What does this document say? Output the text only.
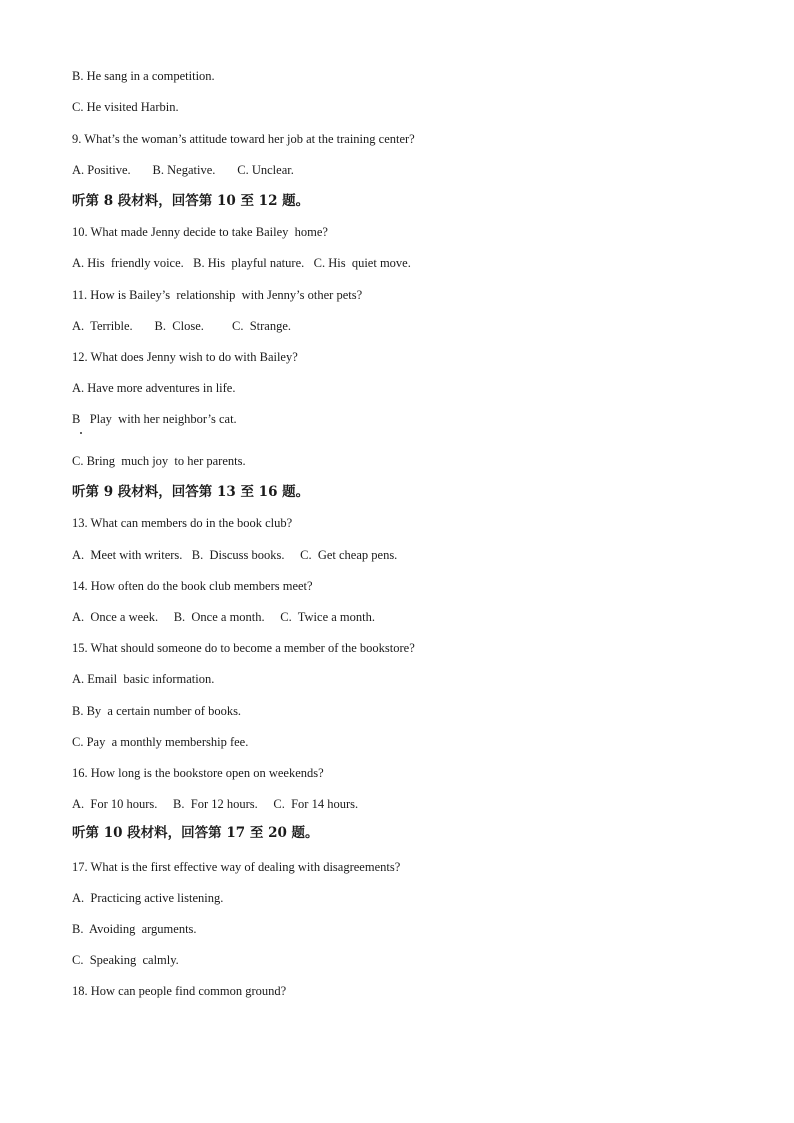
B. He sang in a competition.
C. He visited Harbin.
9. What’s the woman’s attitude toward her job at the training center?
A. Positive.       B. Negative.       C. Unclear.
听第 8 段材料，回答第 10 至 12 题。
10. What made Jenny decide to take Bailey  home?
A. His  friendly voice.   B. His  playful nature.   C. His  quiet move.
11. How is Bailey’s  relationship  with Jenny’s other pets?
A.  Terrible.       B.  Close.         C.  Strange.
12. What does Jenny wish to do with Bailey?
A. Have more adventures in life.
B   Play  with her neighbor’s cat.
C. Bring  much joy  to her parents.
听第 9 段材料，回答第 13 至 16 题。
13. What can members do in the book club?
A.  Meet with writers.   B.  Discuss books.     C.  Get cheap pens.
14. How often do the book club members meet?
A.  Once a week.     B.  Once a month.     C.  Twice a month.
15. What should someone do to become a member of the bookstore?
A. Email  basic information.
B. By  a certain number of books.
C. Pay  a monthly membership fee.
16. How long is the bookstore open on weekends?
A.  For 10 hours.     B.  For 12 hours.     C.  For 14 hours.
听第 10 段材料，回答第 17 至 20 题。
17. What is the first effective way of dealing with disagreements?
A.  Practicing active listening.
B.  Avoiding  arguments.
C.  Speaking  calmly.
18. How can people find common ground?
